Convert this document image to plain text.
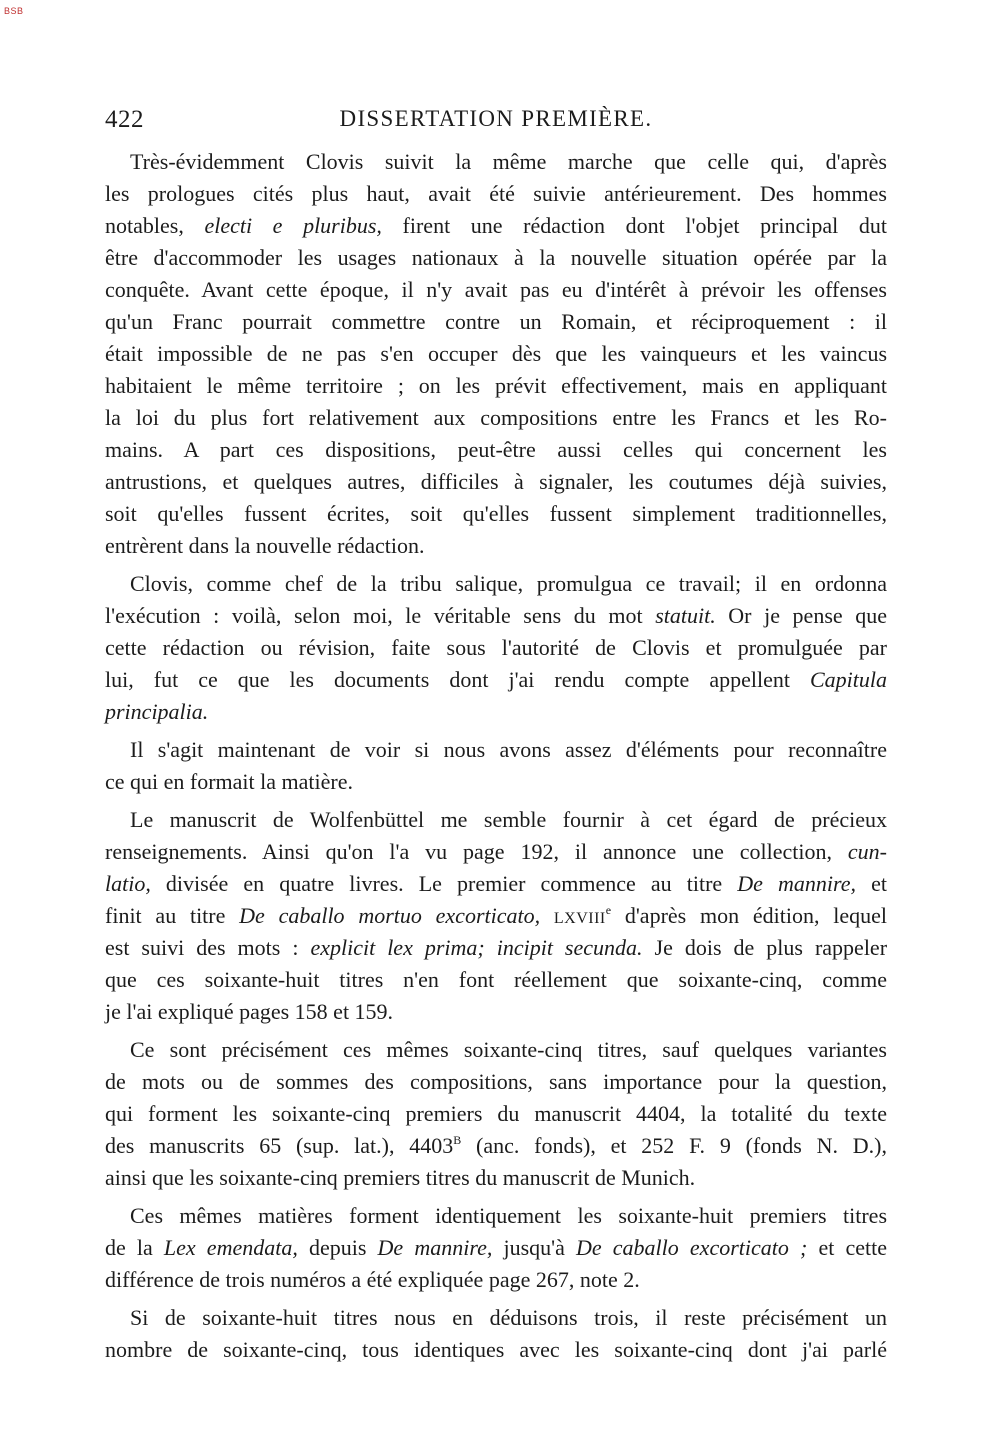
BSB
422	DISSERTATION PREMIÈRE.
Très-évidemment Clovis suivit la même marche que celle qui, d'après
les prologues cités plus haut, avait été suivie antérieurement. Des hommes
notables, electi e pluribus, firent une rédaction dont l'objet principal dut
être d'accommoder les usages nationaux à la nouvelle situation opérée par la
conquête. Avant cette époque, il n'y avait pas eu d'intérêt à prévoir les offenses
qu'un Franc pourrait commettre contre un Romain, et réciproquement : il
était impossible de ne pas s'en occuper dès que les vainqueurs et les vaincus
habitaient le même territoire ; on les prévit effectivement, mais en appliquant
la loi du plus fort relativement aux compositions entre les Francs et les Ro-
mains. A part ces dispositions, peut-être aussi celles qui concernent les
antrustions, et quelques autres, difficiles à signaler, les coutumes déjà suivies,
soit qu'elles fussent écrites, soit qu'elles fussent simplement traditionnelles,
entrèrent dans la nouvelle rédaction.
Clovis, comme chef de la tribu salique, promulgua ce travail; il en ordonna
l'exécution : voilà, selon moi, le véritable sens du mot statuit. Or je pense que
cette rédaction ou révision, faite sous l'autorité de Clovis et promulguée par
lui, fut ce que les documents dont j'ai rendu compte appellent Capitula
principalia.
Il s'agit maintenant de voir si nous avons assez d'éléments pour reconnaître
ce qui en formait la matière.
Le manuscrit de Wolfenbüttel me semble fournir à cet égard de précieux
renseignements. Ainsi qu'on l'a vu page 192, il annonce une collection, cun-
latio, divisée en quatre livres. Le premier commence au titre De mannire, et
finit au titre De caballo mortuo excorticato, LXVIIIe d'après mon édition, lequel
est suivi des mots : explicit lex prima; incipit secunda. Je dois de plus rappeler
que ces soixante-huit titres n'en font réellement que soixante-cinq, comme
je l'ai expliqué pages 158 et 159.
Ce sont précisément ces mêmes soixante-cinq titres, sauf quelques variantes
de mots ou de sommes des compositions, sans importance pour la question,
qui forment les soixante-cinq premiers du manuscrit 4404, la totalité du texte
des manuscrits 65 (sup. lat.), $4403^B$ (anc. fonds), et 252 F. 9 (fonds N. D.),
ainsi que les soixante-cinq premiers titres du manuscrit de Munich.
Ces mêmes matières forment identiquement les soixante-huit premiers titres
de la Lex emendata, depuis De mannire, jusqu'à De caballo excorticato ; et cette
différence de trois numéros a été expliquée page 267, note 2.
Si de soixante-huit titres nous en déduisons trois, il reste précisément un
nombre de soixante-cinq, tous identiques avec les soixante-cinq dont j'ai parlé
